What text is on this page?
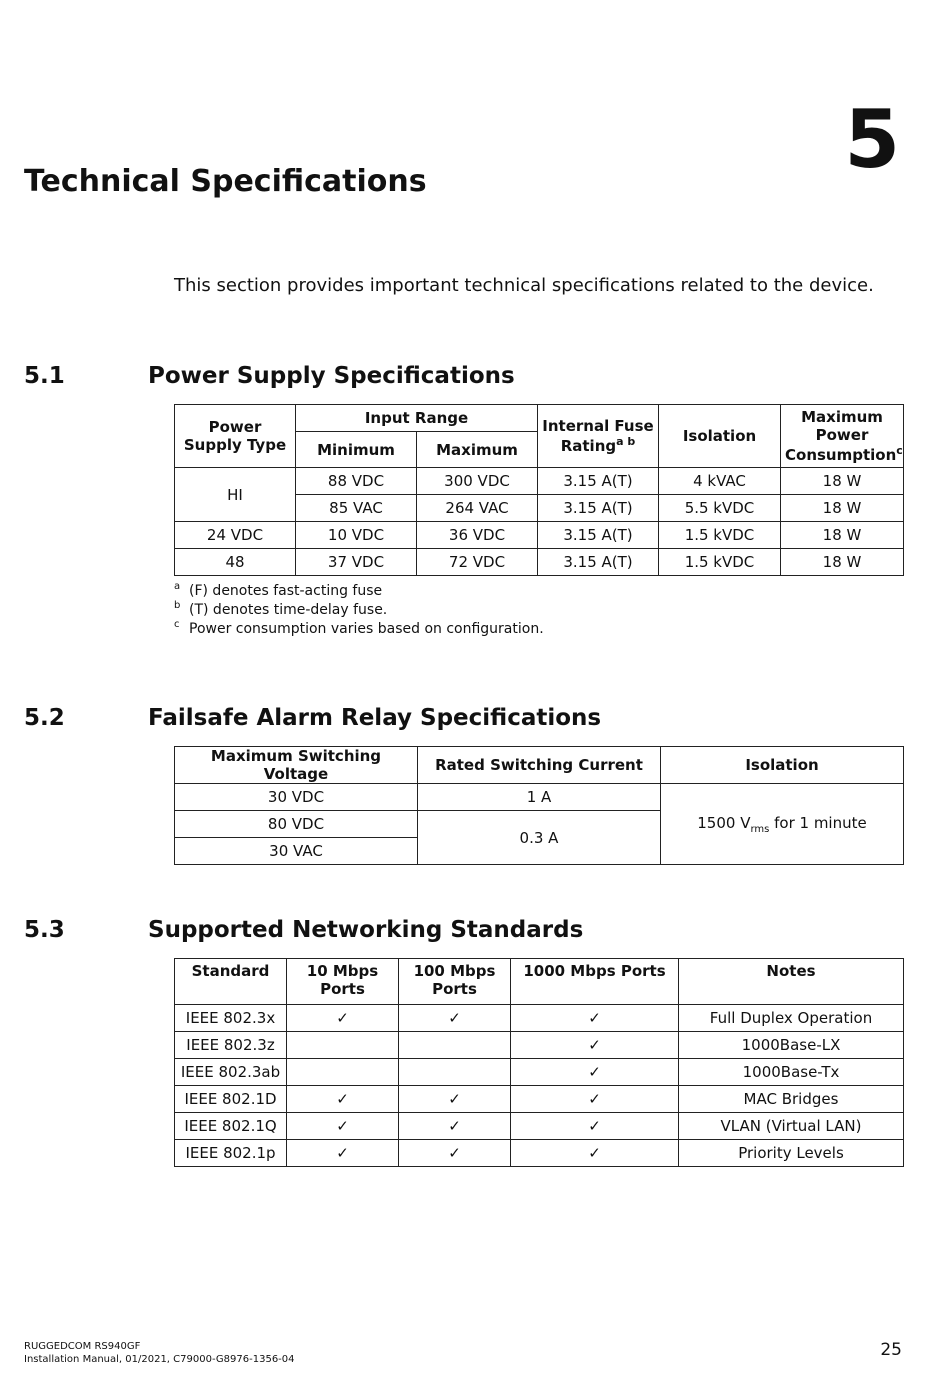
5
Technical Specifications
This section provides important technical specifications related to the device.
5.1	Power Supply Specifications
Power Supply Type	Input Range		Internal Fuse Rating$^{a b}$	Isolation	Maximum Power Consumption$^c$
	Minimum	Maximum			
HI	88 VDC	300 VDC	3.15 A(T)	4 kVAC	18 W
	85 VAC	264 VAC	3.15 A(T)	5.5 kVDC	18 W
24 VDC	10 VDC	36 VDC	3.15 A(T)	1.5 kVDC	18 W
48	37 VDC	72 VDC	3.15 A(T)	1.5 kVDC	18 W
a (F) denotes fast-acting fuse
b (T) denotes time-delay fuse.
c Power consumption varies based on configuration.
5.2	Failsafe Alarm Relay Specifications
Maximum Switching Voltage	Rated Switching Current	Isolation
30 VDC	1 A	1500 $V_{rms}$ for 1 minute
80 VDC	0.3 A	
30 VAC		
5.3	Supported Networking Standards
Standard	10 Mbps Ports	100 Mbps Ports	1000 Mbps Ports	Notes
IEEE 802.3x	✓	✓	✓	Full Duplex Operation
IEEE 802.3z			✓	1000Base-LX
IEEE 802.3ab			✓	1000Base-Tx
IEEE 802.1D	✓	✓	✓	MAC Bridges
IEEE 802.1Q	✓	✓	✓	VLAN (Virtual LAN)
IEEE 802.1p	✓	✓	✓	Priority Levels
RUGGEDCOM RS940GF
Installation Manual, 01/2021, C79000-G8976-1356-04	25
